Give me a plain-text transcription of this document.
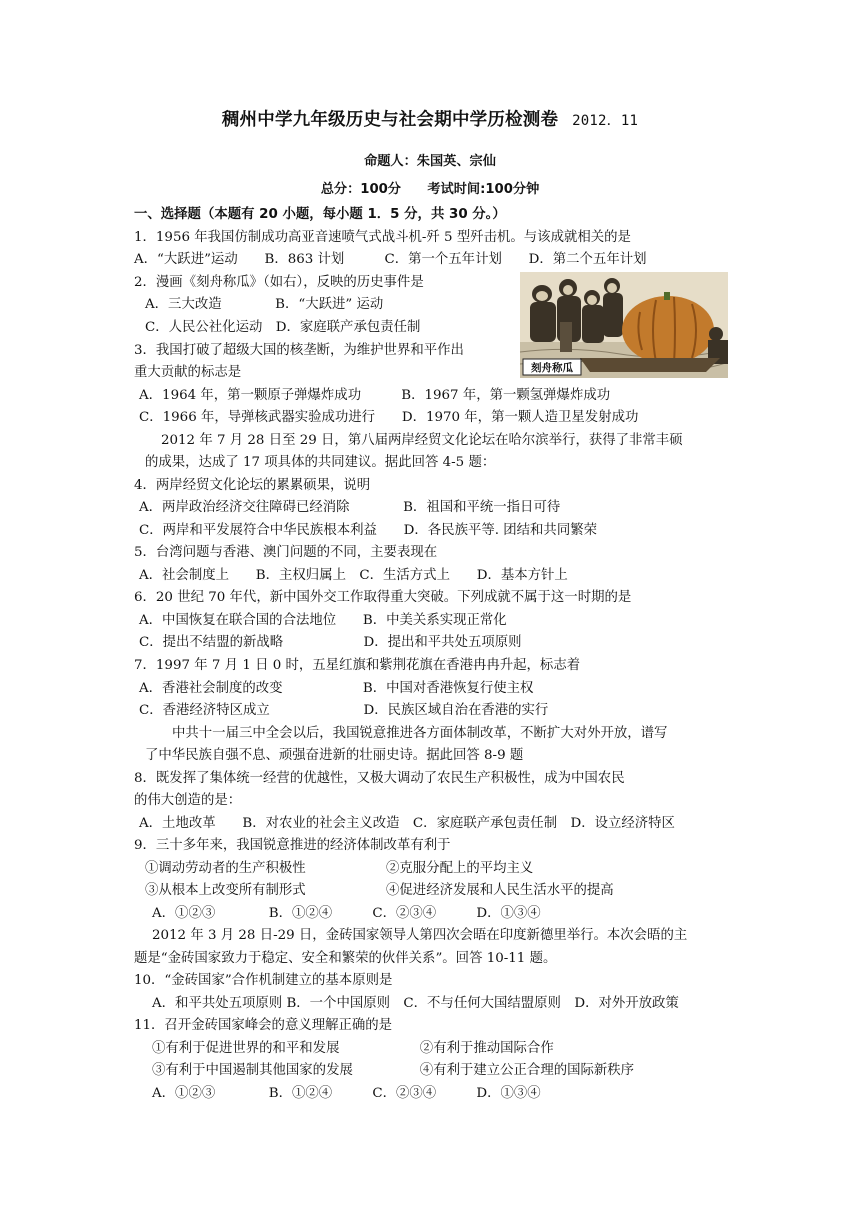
稠州中学九年级历史与社会期中学历检测卷 2012．11
命题人：朱国英、宗仙
总分：100分　　考试时间:100分钟
一、选择题（本题有 20 小题，每小题 1．5 分，共 30 分。）
1．1956 年我国仿制成功高亚音速喷气式战斗机-歼 5 型歼击机。与该成就相关的是
A．“大跃进”运动　　B．863 计划　　　C．第一个五年计划　　D．第二个五年计划
2．漫画《刻舟称瓜》（如右），反映的历史事件是
A．三大改造　　　　B．“大跃进” 运动
C．人民公社化运动　D．家庭联产承包责任制
3．我国打破了超级大国的核垄断，为维护世界和平作出
重大贡献的标志是
A．1964 年，第一颗原子弹爆炸成功　　　B．1967 年，第一颗氢弹爆炸成功
C．1966 年，导弹核武器实验成功进行　　D．1970 年，第一颗人造卫星发射成功
2012 年 7 月 28 日至 29 日，第八届两岸经贸文化论坛在哈尔滨举行，获得了非常丰硕
的成果，达成了 17 项具体的共同建议。据此回答 4-5 题：
4．两岸经贸文化论坛的累累硕果，说明
A．两岸政治经济交往障碍已经消除　　　　B．祖国和平统一指日可待
C．两岸和平发展符合中华民族根本利益　　D．各民族平等. 团结和共同繁荣
5．台湾问题与香港、澳门问题的不同，主要表现在
A．社会制度上　　B．主权归属上　C．生活方式上　　D．基本方针上
6．20 世纪 70 年代，新中国外交工作取得重大突破。下列成就不属于这一时期的是
A．中国恢复在联合国的合法地位　　B．中美关系实现正常化
C．提出不结盟的新战略　　　　　　D．提出和平共处五项原则
7．1997 年 7 月 1 日 0 时，五星红旗和紫荆花旗在香港冉冉升起，标志着
A．香港社会制度的改变　　　　　　B．中国对香港恢复行使主权
C．香港经济特区成立　　　　　　　D．民族区域自治在香港的实行
中共十一届三中全会以后，我国锐意推进各方面体制改革，不断扩大对外开放，谱写
了中华民族自强不息、顽强奋进新的壮丽史诗。据此回答 8-9 题
8．既发挥了集体统一经营的优越性，又极大调动了农民生产积极性，成为中国农民
的伟大创造的是：
A．土地改革　　B．对农业的社会主义改造　C．家庭联产承包责任制　D．设立经济特区
9．三十多年来，我国锐意推进的经济体制改革有利于
①调动劳动者的生产积极性　　　　　　②克服分配上的平均主义
③从根本上改变所有制形式　　　　　　④促进经济发展和人民生活水平的提高
A．①②③　　　　B．①②④　　　C．②③④　　　D．①③④
2012 年 3 月 28 日-29 日，金砖国家领导人第四次会晤在印度新德里举行。本次会晤的主
题是“金砖国家致力于稳定、安全和繁荣的伙伴关系”。回答 10-11 题。
10．“金砖国家”合作机制建立的基本原则是
A．和平共处五项原则 B．一个中国原则　C．不与任何大国结盟原则　D．对外开放政策
11．召开金砖国家峰会的意义理解正确的是
①有利于促进世界的和平和发展　　　　　　②有利于推动国际合作
③有利于中国遏制其他国家的发展　　　　　④有利于建立公正合理的国际新秩序
A．①②③　　　　B．①②④　　　C．②③④　　　D．①③④
刻舟称瓜
